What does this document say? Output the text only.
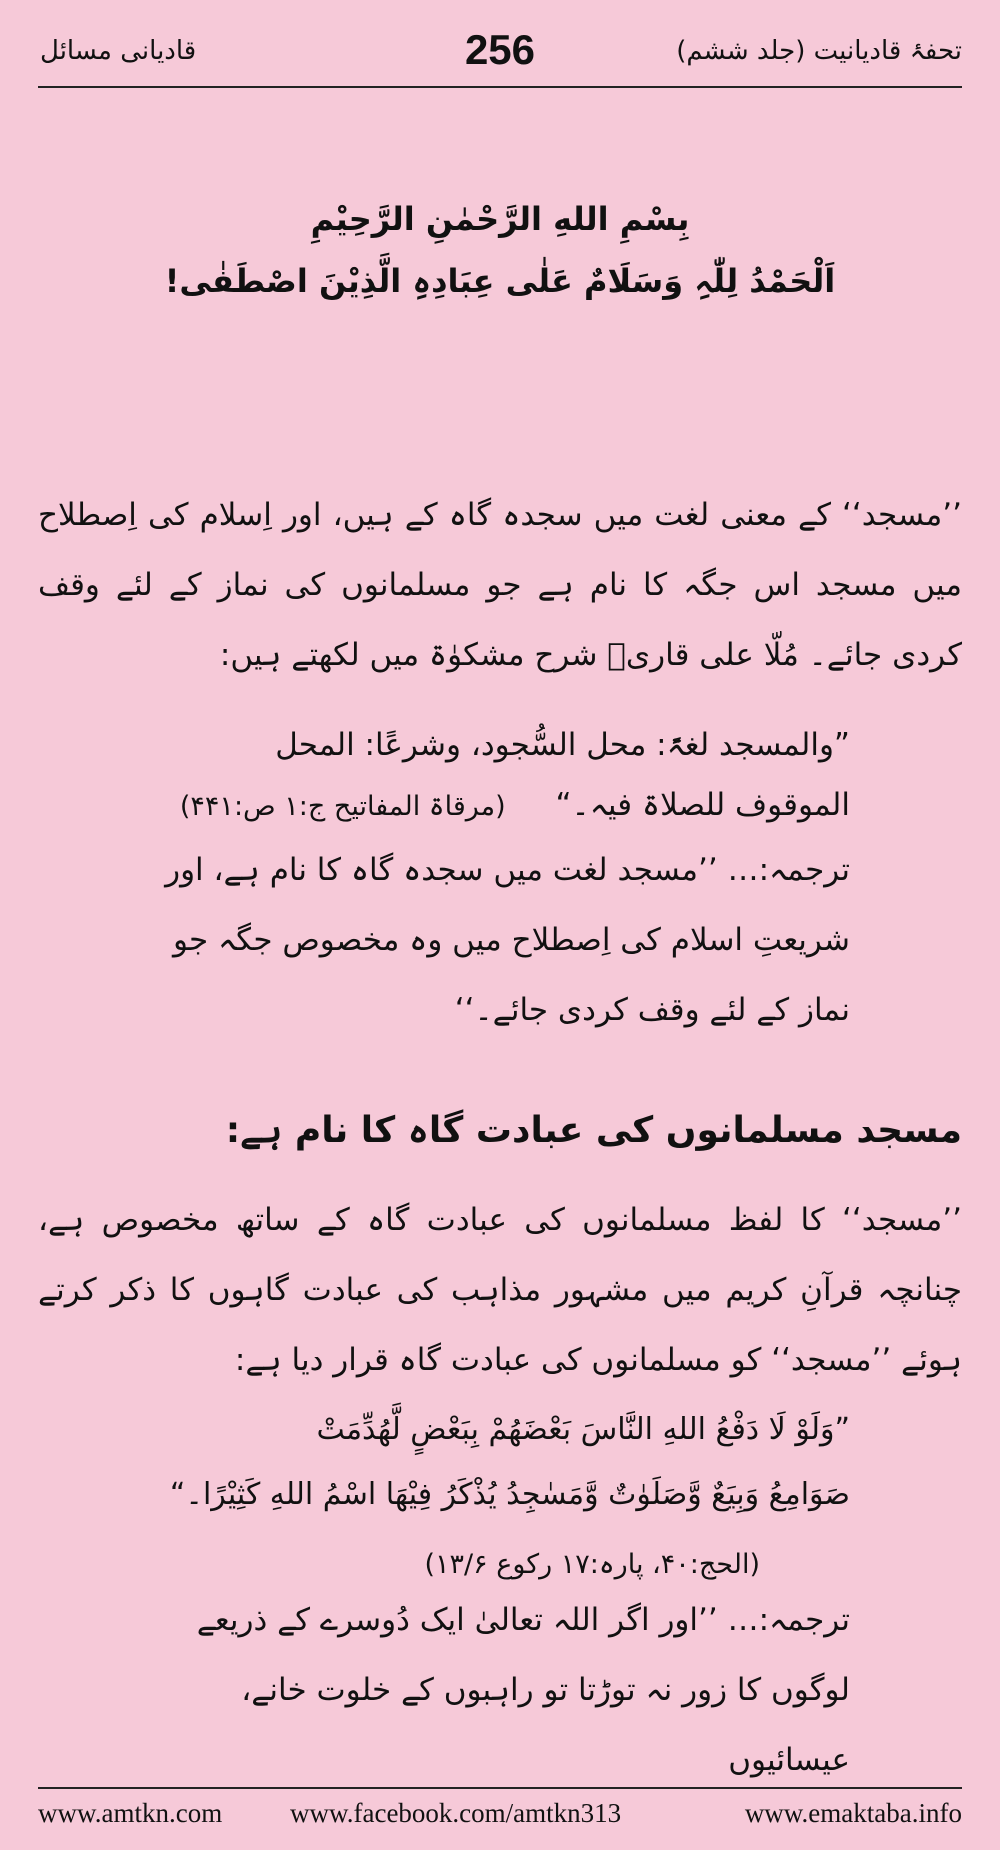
قادیانی مسائل	256	تحفۂ قادیانیت (جلد ششم)
بِسْمِ اللهِ الرَّحْمٰنِ الرَّحِیْمِ
اَلْحَمْدُ لِلّٰہِ وَسَلَامٌ عَلٰی عِبَادِہِ الَّذِیْنَ اصْطَفٰی!
’’مسجد‘‘ کے معنی لغت میں سجدہ گاہ کے ہیں، اور اِسلام کی اِصطلاح میں مسجد اس جگہ کا نام ہے جو مسلمانوں کی نماز کے لئے وقف کردی جائے۔ مُلّا علی قاریؒ شرح مشکوٰۃ میں لکھتے ہیں:
”والمسجد لغۃً: محل السُّجود، وشرعًا: المحل
الموقوف للصلاۃ فیہ۔“ (مرقاۃ المفاتیح ج:۱ ص:۴۴۱)
ترجمہ:… ’’مسجد لغت میں سجدہ گاہ کا نام ہے، اور شریعتِ اسلام کی اِصطلاح میں وہ مخصوص جگہ جو نماز کے لئے وقف کردی جائے۔‘‘
مسجد مسلمانوں کی عبادت گاہ کا نام ہے:
’’مسجد‘‘ کا لفظ مسلمانوں کی عبادت گاہ کے ساتھ مخصوص ہے، چنانچہ قرآنِ کریم میں مشہور مذاہب کی عبادت گاہوں کا ذکر کرتے ہوئے ’’مسجد‘‘ کو مسلمانوں کی عبادت گاہ قرار دیا ہے:
”وَلَوْ لَا دَفْعُ اللهِ النَّاسَ بَعْضَهُمْ بِبَعْضٍ لَّهُدِّمَتْ
صَوَامِعُ وَبِیَعٌ وَّصَلَوٰتٌ وَّمَسٰجِدُ یُذْكَرُ فِیْهَا اسْمُ اللهِ كَثِیْرًا۔“
(الحج:۴۰، پارہ:۱۷ رکوع ۱۳/۶)
ترجمہ:… ’’اور اگر اللہ تعالیٰ ایک دُوسرے کے ذریعے لوگوں کا زور نہ توڑتا تو راہبوں کے خلوت خانے، عیسائیوں
www.amtkn.com	www.facebook.com/amtkn313	www.emaktaba.info
